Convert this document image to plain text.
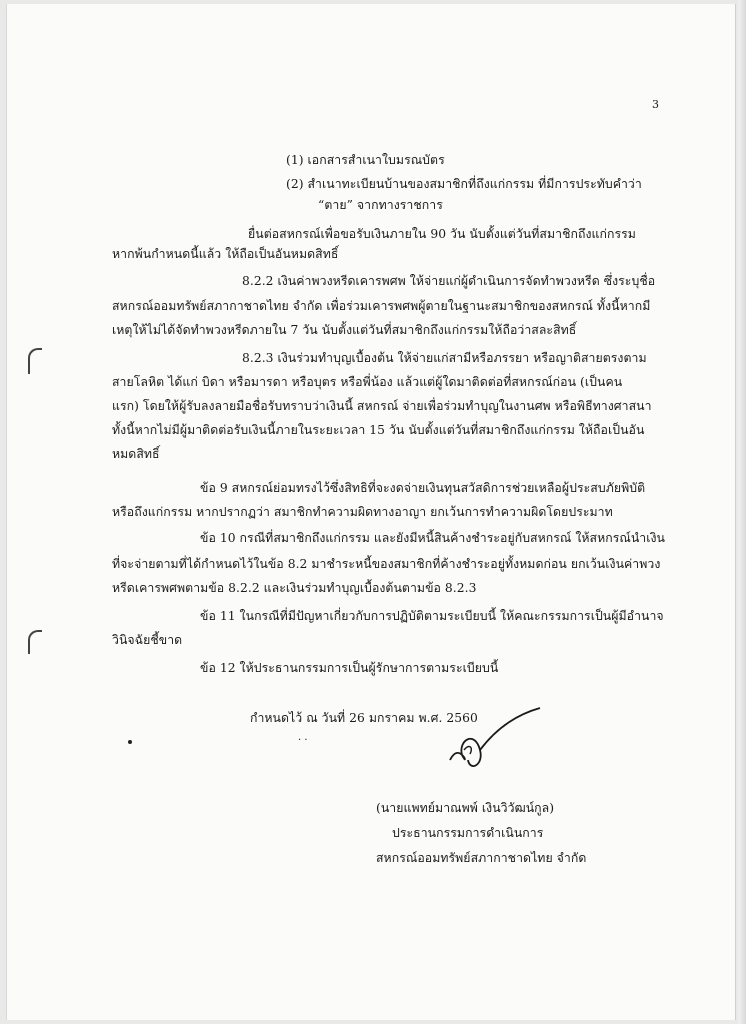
3
(1) เอกสารสำเนาใบมรณบัตร
(2) สำเนาทะเบียนบ้านของสมาชิกที่ถึงแก่กรรม ที่มีการประทับคำว่า
“ตาย” จากทางราชการ
ยื่นต่อสหกรณ์เพื่อขอรับเงินภายใน 90 วัน นับตั้งแต่วันที่สมาชิกถึงแก่กรรม
หากพ้นกำหนดนี้แล้ว ให้ถือเป็นอันหมดสิทธิ์
8.2.2 เงินค่าพวงหรีดเคารพศพ ให้จ่ายแก่ผู้ดำเนินการจัดทำพวงหรีด ซึ่งระบุชื่อ
สหกรณ์ออมทรัพย์สภากาชาดไทย จำกัด เพื่อร่วมเคารพศพผู้ตายในฐานะสมาชิกของสหกรณ์ ทั้งนี้หากมี
เหตุให้ไม่ได้จัดทำพวงหรีดภายใน 7 วัน นับตั้งแต่วันที่สมาชิกถึงแก่กรรมให้ถือว่าสละสิทธิ์
8.2.3 เงินร่วมทำบุญเบื้องต้น ให้จ่ายแก่สามีหรือภรรยา หรือญาติสายตรงตาม
สายโลหิต ได้แก่ บิดา หรือมารดา หรือบุตร หรือพี่น้อง แล้วแต่ผู้ใดมาติดต่อที่สหกรณ์ก่อน (เป็นคน
แรก) โดยให้ผู้รับลงลายมือชื่อรับทราบว่าเงินนี้ สหกรณ์ จ่ายเพื่อร่วมทำบุญในงานศพ หรือพิธีทางศาสนา
ทั้งนี้หากไม่มีผู้มาติดต่อรับเงินนี้ภายในระยะเวลา 15 วัน นับตั้งแต่วันที่สมาชิกถึงแก่กรรม ให้ถือเป็นอัน
หมดสิทธิ์
ข้อ 9 สหกรณ์ย่อมทรงไว้ซึ่งสิทธิที่จะงดจ่ายเงินทุนสวัสดิการช่วยเหลือผู้ประสบภัยพิบัติ
หรือถึงแก่กรรม หากปรากฏว่า สมาชิกทำความผิดทางอาญา ยกเว้นการทำความผิดโดยประมาท
ข้อ 10 กรณีที่สมาชิกถึงแก่กรรม และยังมีหนี้สินค้างชำระอยู่กับสหกรณ์ ให้สหกรณ์นำเงิน
ที่จะจ่ายตามที่ได้กำหนดไว้ในข้อ 8.2 มาชำระหนี้ของสมาชิกที่ค้างชำระอยู่ทั้งหมดก่อน ยกเว้นเงินค่าพวง
หรีดเคารพศพตามข้อ 8.2.2 และเงินร่วมทำบุญเบื้องต้นตามข้อ 8.2.3
ข้อ 11 ในกรณีที่มีปัญหาเกี่ยวกับการปฏิบัติตามระเบียบนี้ ให้คณะกรรมการเป็นผู้มีอำนาจ
วินิจฉัยชี้ขาด
ข้อ 12 ให้ประธานกรรมการเป็นผู้รักษาการตามระเบียบนี้
กำหนดไว้ ณ วันที่ 26 มกราคม พ.ศ. 2560
· ·
(นายแพทย์มาณพพ์ เงินวิวัฒน์กูล)
ประธานกรรมการดำเนินการ
สหกรณ์ออมทรัพย์สภากาชาดไทย จำกัด
